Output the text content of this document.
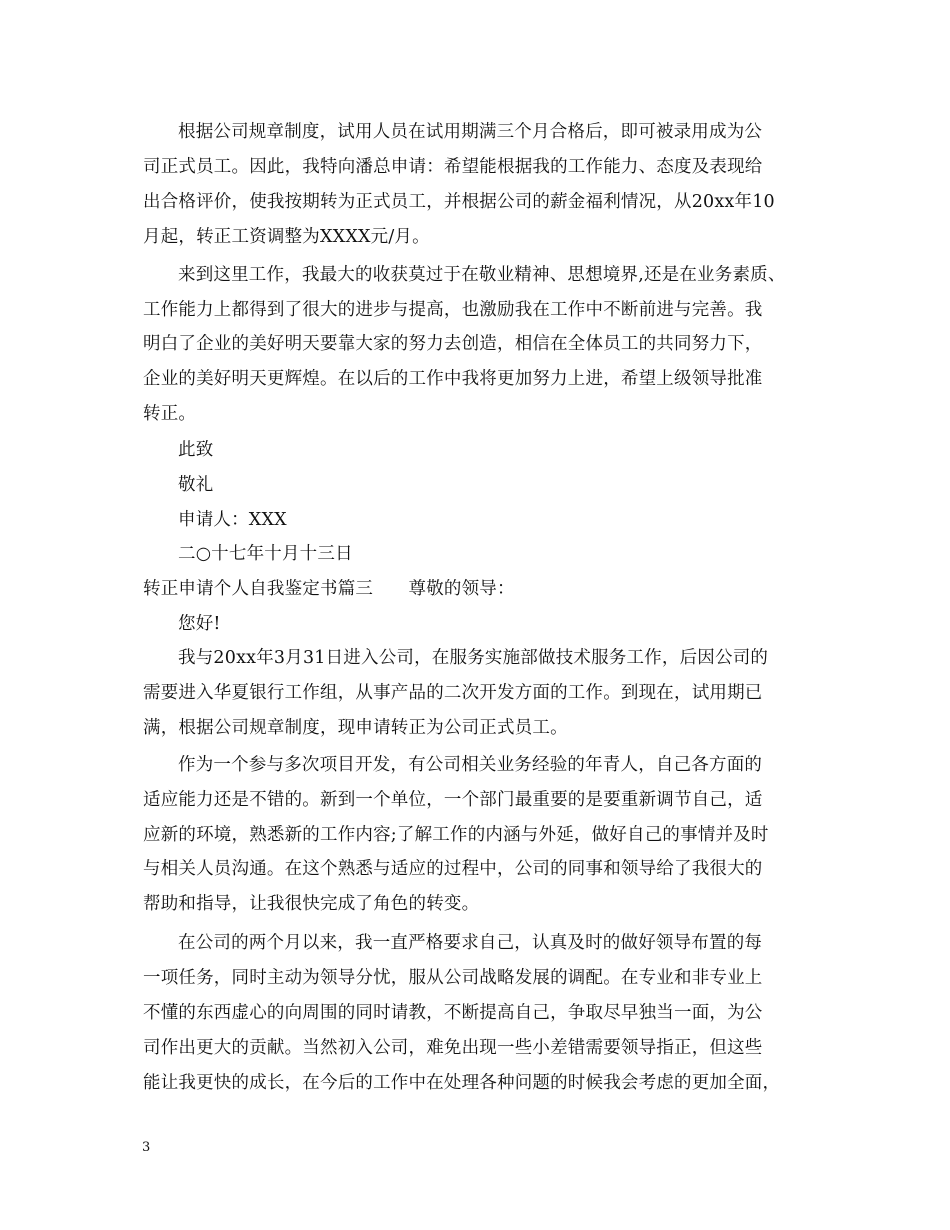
根据公司规章制度，试用人员在试用期满三个月合格后，即可被录用成为公
司正式员工。因此，我特向潘总申请：希望能根据我的工作能力、态度及表现给
出合格评价，使我按期转为正式员工，并根据公司的薪金福利情况，从20xx年10
月起，转正工资调整为XXXX元/月。
来到这里工作，我最大的收获莫过于在敬业精神、思想境界,还是在业务素质、
工作能力上都得到了很大的进步与提高，也激励我在工作中不断前进与完善。我
明白了企业的美好明天要靠大家的努力去创造，相信在全体员工的共同努力下，
企业的美好明天更辉煌。在以后的工作中我将更加努力上进，希望上级领导批准
转正。
此致
敬礼
申请人：XXX
二○十七年十月十三日
转正申请个人自我鉴定书篇三　　尊敬的领导：
您好!
我与20xx年3月31日进入公司，在服务实施部做技术服务工作，后因公司的
需要进入华夏银行工作组，从事产品的二次开发方面的工作。到现在，试用期已
满，根据公司规章制度，现申请转正为公司正式员工。
作为一个参与多次项目开发，有公司相关业务经验的年青人，自己各方面的
适应能力还是不错的。新到一个单位，一个部门最重要的是要重新调节自己，适
应新的环境，熟悉新的工作内容;了解工作的内涵与外延，做好自己的事情并及时
与相关人员沟通。在这个熟悉与适应的过程中，公司的同事和领导给了我很大的
帮助和指导，让我很快完成了角色的转变。
在公司的两个月以来，我一直严格要求自己，认真及时的做好领导布置的每
一项任务，同时主动为领导分忧，服从公司战略发展的调配。在专业和非专业上
不懂的东西虚心的向周围的同时请教，不断提高自己，争取尽早独当一面，为公
司作出更大的贡献。当然初入公司，难免出现一些小差错需要领导指正，但这些
能让我更快的成长，在今后的工作中在处理各种问题的时候我会考虑的更加全面，
3
